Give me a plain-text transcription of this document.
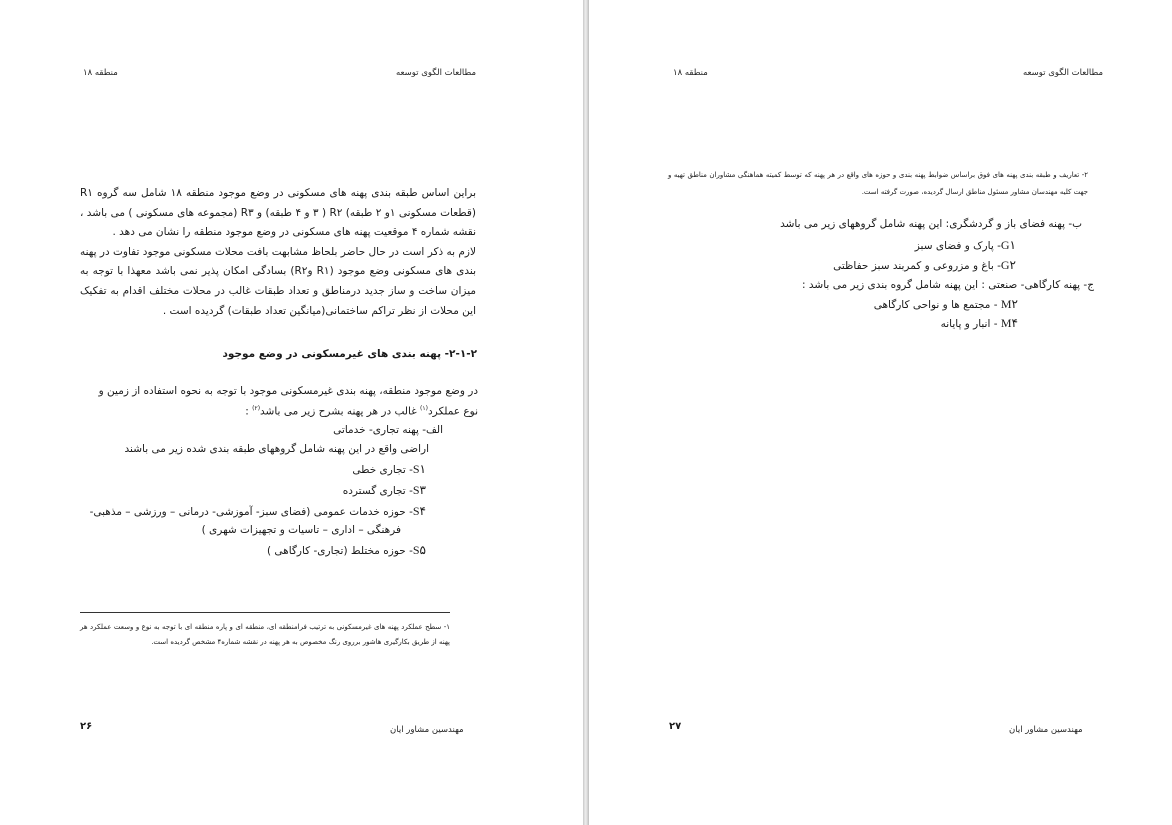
مطالعات الگوی توسعه
منطقه ۱۸

براین اساس طبقه بندی پهنه های مسکونی در وضع موجود منطقه ۱۸ شامل سه گروه R۱ (قطعات مسکونی ۱و ۲ طبقه) R۲ ( ۳ و ۴ طبقه) و R۳ (مجموعه های مسکونی ) می باشد ، نقشه شماره ۴ موقعیت پهنه های مسکونی در وضع موجود منطقه را نشان می دهد .

لازم به ذکر است در حال حاضر بلحاظ مشابهت بافت محلات مسکونی موجود تفاوت در پهنه بندی های مسکونی وضع موجود (R۱ وR۲) بسادگی امکان پذیر نمی باشد معهذا با توجه به میزان ساخت و ساز جدید درمناطق و تعداد طبقات غالب در محلات مختلف اقدام به تفکیک این محلات از نظر تراکم ساختمانی(میانگین تعداد طبقات) گردیده است .

۲-۱-۲- پهنه بندی های غیرمسکونی در وضع موجود
در وضع موجود منطقه، پهنه بندی غیرمسکونی موجود با توجه به نحوه استفاده از زمین و
نوع عملکرد$^{(۱)}$ غالب در هر پهنه بشرح زیر می باشد$^{(۲)}$ :
الف- پهنه تجاری- خدماتی
اراضی واقع در این پهنه شامل گروههای طبقه بندی شده زیر می باشند
S۱- تجاری خطی
S۳- تجاری گسترده
S۴- حوزه خدمات عمومی (فضای سبز- آموزشی- درمانی – ورزشی – مذهبی-
فرهنگی – اداری – تاسیات و تجهیزات شهری )
S۵- حوزه مختلط (تجاری- کارگاهی )
۱- سطح عملکرد پهنه های غیرمسکونی به ترتیب فرامنطقه ای، منطقه ای و پاره منطقه ای با توجه به نوع و وسعت عملکرد هر پهنه از طریق بکارگیری هاشور برروی رنگ مخصوص به هر پهنه در نقشه شماره۴ مشخص گردیده است.
۲۶	مهندسین مشاور ایان
مطالعات الگوی توسعه
منطقه ۱۸
۲۷	مهندسین مشاور ایان
۲- تعاریف و طبقه بندی پهنه های فوق براساس ضوابط پهنه بندی و حوزه های واقع در هر پهنه که توسط کمیته هماهنگی مشاوران مناطق تهیه و جهت کلیه مهندسان مشاور مسئول مناطق ارسال گردیده، صورت گرفته است.
ب- پهنه فضای باز و گردشگری: این پهنه شامل گروههای زیر می باشد
G۱- پارک و فضای سبز
G۲- باغ و مزروعی و کمربند سبز حفاظتی
ج- پهنه کارگاهی- صنعتی : این پهنه شامل گروه بندی زیر می باشد :
M۲ - مجتمع ها و نواحی کارگاهی
M۴ - انبار و پایانه
